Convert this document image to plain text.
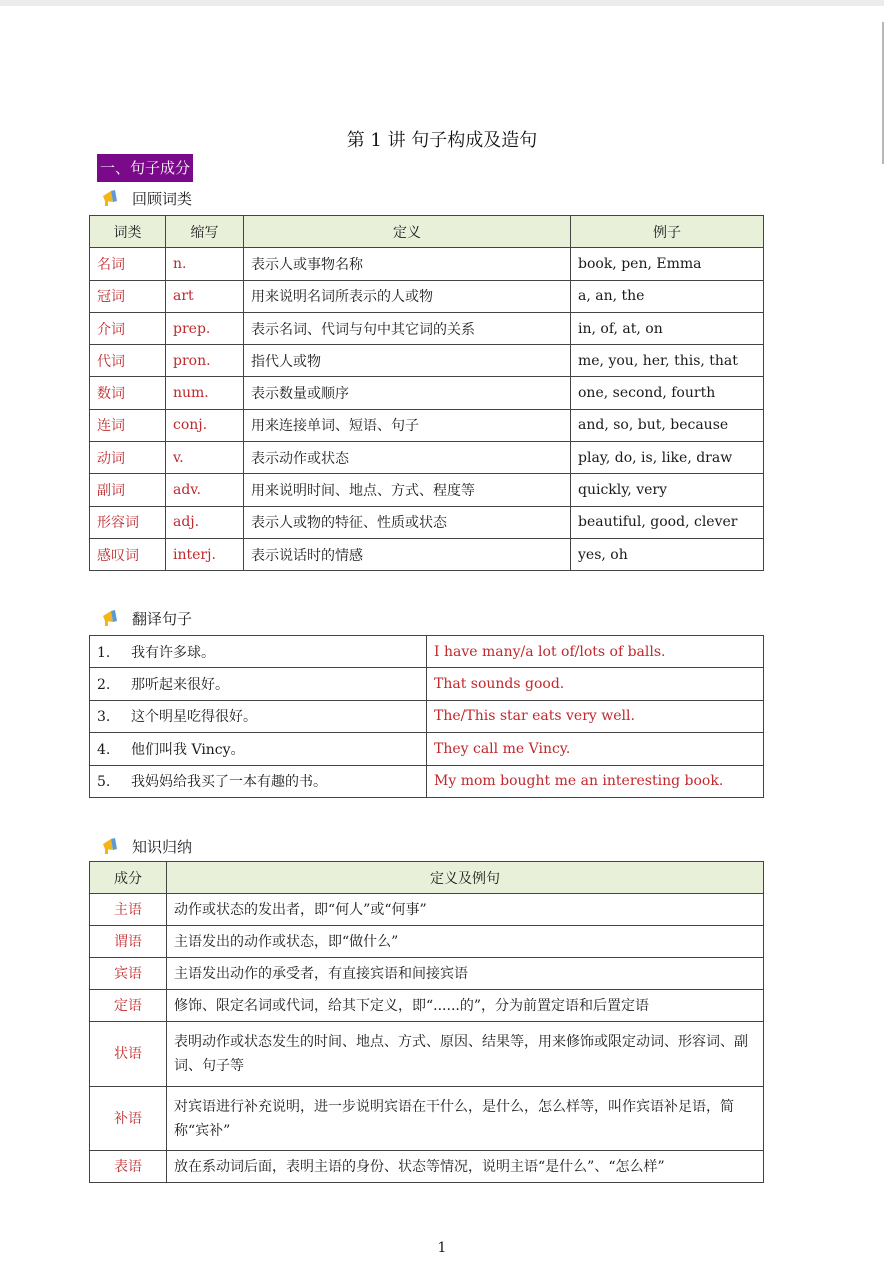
第 1 讲 句子构成及造句
一、句子成分
回顾词类
词类	缩写	定义	例子
名词	n.	表示人或事物名称	book, pen, Emma
冠词	art	用来说明名词所表示的人或物	a, an, the
介词	prep.	表示名词、代词与句中其它词的关系	in, of, at, on
代词	pron.	指代人或物	me, you, her, this, that
数词	num.	表示数量或顺序	one, second, fourth
连词	conj.	用来连接单词、短语、句子	and, so, but, because
动词	v.	表示动作或状态	play, do, is, like, draw
副词	adv.	用来说明时间、地点、方式、程度等	quickly, very
形容词	adj.	表示人或物的特征、性质或状态	beautiful, good, clever
感叹词	interj.	表示说话时的情感	yes, oh
翻译句子
1. 我有许多球。	I have many/a lot of/lots of balls.
2. 那听起来很好。	That sounds good.
3. 这个明星吃得很好。	The/This star eats very well.
4. 他们叫我 Vincy。	They call me Vincy.
5. 我妈妈给我买了一本有趣的书。	My mom bought me an interesting book.
知识归纳
成分	定义及例句
主语	动作或状态的发出者，即“何人”或“何事”
谓语	主语发出的动作或状态，即“做什么”
宾语	主语发出动作的承受者，有直接宾语和间接宾语
定语	修饰、限定名词或代词，给其下定义，即“......的”，分为前置定语和后置定语
状语	表明动作或状态发生的时间、地点、方式、原因、结果等，用来修饰或限定动词、形容词、副词、句子等
补语	对宾语进行补充说明，进一步说明宾语在干什么，是什么，怎么样等，叫作宾语补足语，简称“宾补”
表语	放在系动词后面，表明主语的身份、状态等情况，说明主语“是什么”、“怎么样”
1
